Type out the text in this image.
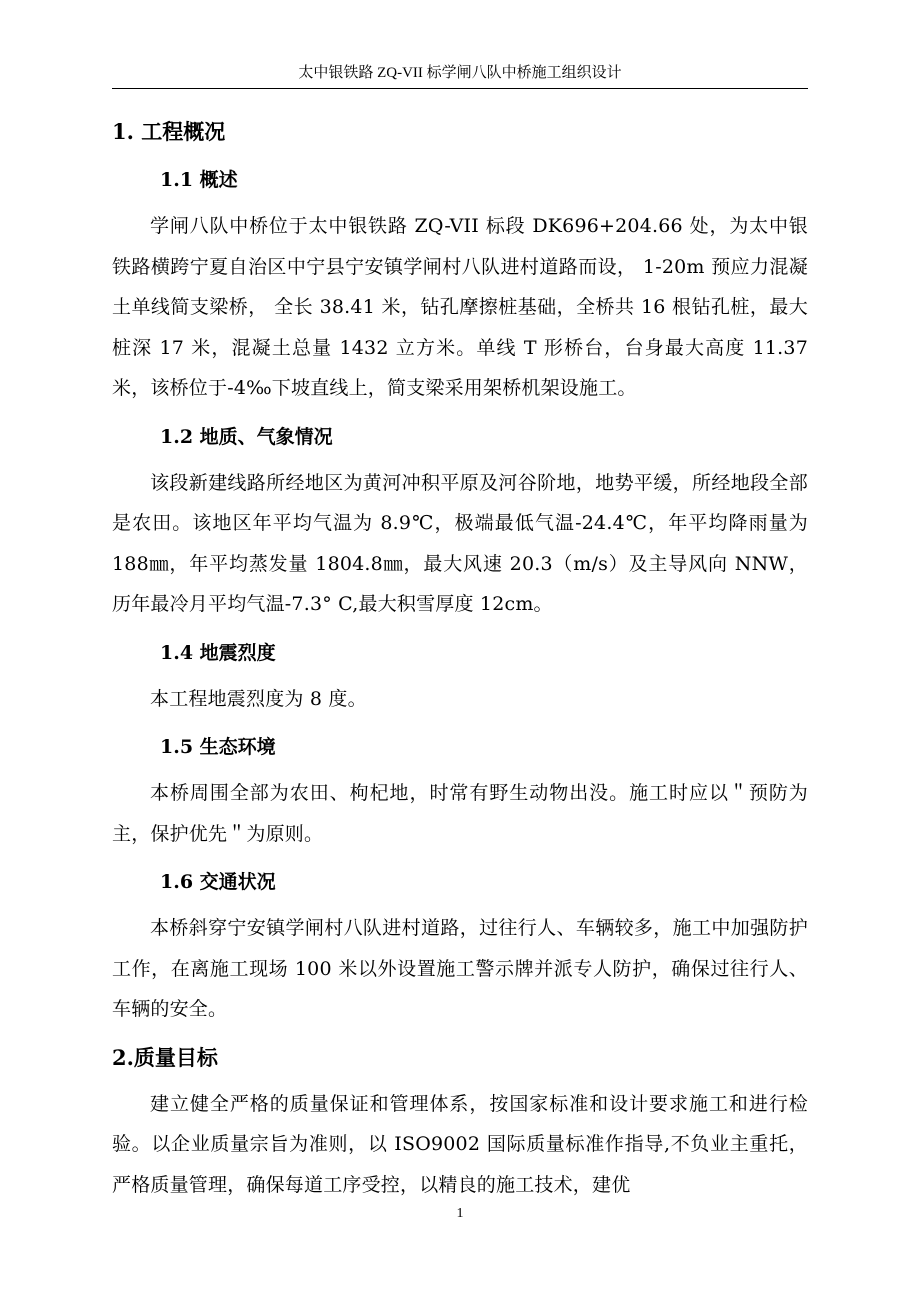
太中银铁路 ZQ-VII 标学闸八队中桥施工组织设计
1. 工程概况
1.1 概述

学闸八队中桥位于太中银铁路 ZQ-VII 标段 DK696+204.66 处，为太中银铁路横跨宁夏自治区中宁县宁安镇学闸村八队进村道路而设， 1-20m 预应力混凝土单线简支梁桥， 全长 38.41 米，钻孔摩擦桩基础，全桥共 16 根钻孔桩，最大桩深 17 米，混凝土总量 1432 立方米。单线 T 形桥台，台身最大高度 11.37 米，该桥位于-4‰下坡直线上，简支梁采用架桥机架设施工。

1.2 地质、气象情况

该段新建线路所经地区为黄河冲积平原及河谷阶地，地势平缓，所经地段全部是农田。该地区年平均气温为 8.9℃，极端最低气温-24.4℃，年平均降雨量为 188㎜，年平均蒸发量 1804.8㎜，最大风速 20.3（m/s）及主导风向 NNW，历年最冷月平均气温-7.3° C,最大积雪厚度 12cm。

1.4 地震烈度

本工程地震烈度为 8 度。

1.5 生态环境

本桥周围全部为农田、枸杞地，时常有野生动物出没。施工时应以＂预防为主，保护优先＂为原则。

1.6 交通状况

本桥斜穿宁安镇学闸村八队进村道路，过往行人、车辆较多，施工中加强防护工作，在离施工现场 100 米以外设置施工警示牌并派专人防护，确保过往行人、车辆的安全。

2.质量目标

建立健全严格的质量保证和管理体系，按国家标准和设计要求施工和进行检验。以企业质量宗旨为准则，以 ISO9002 国际质量标准作指导,不负业主重托，严格质量管理，确保每道工序受控，以精良的施工技术，建优

1
